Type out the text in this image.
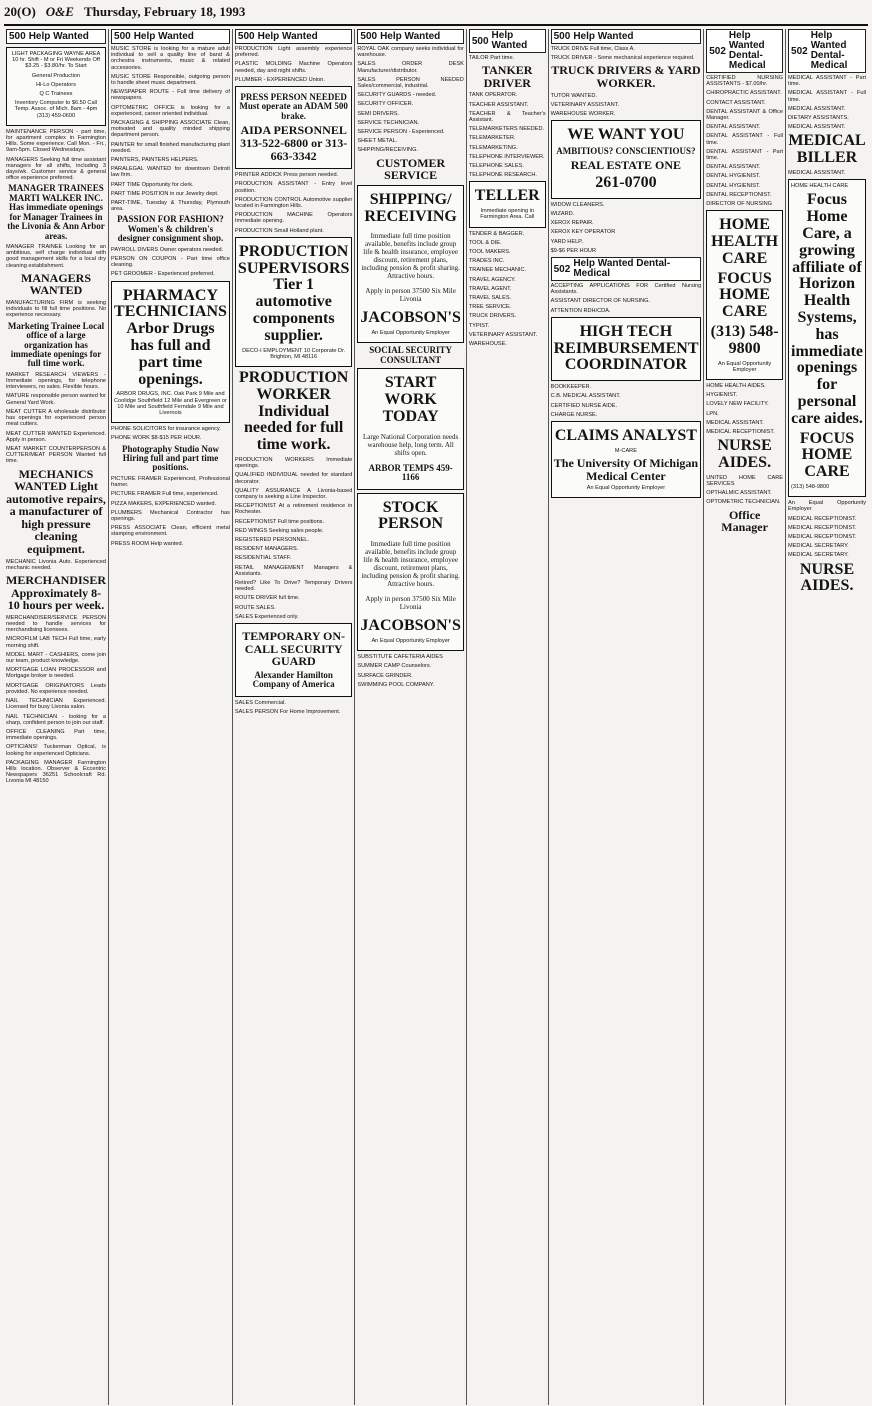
20(O) O&E Thursday, February 18, 1993
500 Help Wanted

LIGHT PACKAGING WAYNE AREA 10 hr. Shift - M or Fri Weekends Off $3.25 - $3.80/hr. To Start

General Production

Hi-Lo Operators

Q C Trainees

Inventory Computer to $6.50 Call Temp. Assoc. of Mich. 8am - 4pm (313) 459-0600

MAINTENANCE PERSON - part time, for apartment complex in Farmington Hills. Some experience. Call Mon. - Fri., 9am-5pm. Closed Wednesdays.

MANAGERS Seeking full time assistant managers for all shifts, including 3 days/wk. Customer service & general office experience preferred.

MANAGER TRAINEES MARTI WALKER INC. Has immediate openings for Manager Trainees in the Livonia & Ann Arbor areas.

MANAGER TRAINEE Looking for an ambitious, self charge individual with good management skills for a local dry cleaning establishment.

MANAGERS WANTED

MANUFACTURING FIRM is seeking individuals to fill full time positions. No experience necessary.

Marketing Trainee Local office of a large organization has immediate openings for full time work.

MARKET RESEARCH VIEWERS - Immediate openings, for telephone interviewers, no sales. Flexible hours.

MATURE responsible person wanted for General Yard Work.

MEAT CUTTER A wholesale distributor has openings for experienced person meat cutters.

MEAT CUTTER WANTED Experienced. Apply in person.

MEAT MARKET COUNTERPERSON & CUTTER/MEAT PERSON Wanted full time.

MECHANICS WANTED Light automotive repairs, a manufacturer of high pressure cleaning equipment.

MECHANIC Livonia Auto. Experienced mechanic needed.

MERCHANDISER Approximately 8-10 hours per week.

MERCHANDISER/SERVICE PERSON needed to handle services for merchandising licensees.

MICROFILM LAB TECH Full time, early morning shift.

MODEL MART - CASHIERS, come join our team, product knowledge.

MORTGAGE LOAN PROCESSOR and Mortgage broker is needed.

MORTGAGE ORIGINATORS Leads provided. No experience needed.

NAIL TECHNICIAN Experienced. Licensed for busy Livonia salon.

NAIL TECHNICIAN - looking for a sharp, confident person to join our staff.

OFFICE CLEANING Part time, immediate openings.

OPTICIANS! Tuckerman Optical, is looking for experienced Opticians.

PACKAGING MANAGER Farmington Hills location. Observer & Eccentric Newspapers 36251 Schoolcraft Rd. Livonia MI 48150

500 Help Wanted

MUSIC STORE is looking for a mature adult individual to sell a quality line of band & orchestra instruments, music & related accessories.

MUSIC STORE Responsible, outgoing person to handle sheet music department.

NEWSPAPER ROUTE - Full time delivery of newspapers.

OPTOMETRIC OFFICE is looking for a experienced, career oriented individual.

PACKAGING & SHIPPING ASSOCIATE Clean, motivated and quality minded shipping department person.

PAINTER for small finished manufacturing plant needed.

PAINTERS, PAINTERS HELPERS.

PARALEGAL WANTED for downtown Detroit law firm.

PART TIME Opportunity for clerk.

PART TIME POSITION in our Jewelry dept.

PART-TIME, Tuesday & Thursday, Plymouth area.

PASSION FOR FASHION? Women's & children's designer consignment shop.

PAYROLL DIVERS Owner operators needed.

PERSON ON COUPON - Part time office cleaning.

PET GROOMER - Experienced preferred.

PHARMACY TECHNICIANS Arbor Drugs has full and part time openings.

ARBOR DRUGS, INC. Oak Park 9 Mile and Coolidge Southfield 12 Mile and Evergreen or 10 Mile and Southfield Ferndale 9 Mile and Livernois

PHONE SOLICITORS for insurance agency.

PHONE WORK $8-$15 PER HOUR.

Photography Studio Now Hiring full and part time positions.

PICTURE FRAMER Experienced, Professional framer.

PICTURE FRAMER Full time, experienced.

PIZZA MAKERS, EXPERIENCED wanted.

PLUMBERS Mechanical Contractor has openings.

PRESS ASSOCIATE Clean, efficient metal stamping environment.

PRESS ROOM Help wanted.

500 Help Wanted

PRODUCTION Light assembly experience preferred.

PLASTIC MOLDING Machine Operators needed, day and night shifts.

PLUMBER - EXPERIENCED Union.

PRESS PERSON NEEDED Must operate an ADAM 500 brake.
AIDA PERSONNEL 313-522-6800 or 313-663-3342

PRINTER ADDICK Press person needed.

PRODUCTION ASSISTANT - Entry level position.

PRODUCTION CONTROL Automotive supplier located in Farmington Hills.

PRODUCTION MACHINE Operators Immediate opening.

PRODUCTION Small Holland plant.

PRODUCTION SUPERVISORS Tier 1 automotive components supplier.

DECO-I EMPLOYMENT 10 Corporate Dr. Brighton, MI 48116

PRODUCTION WORKER Individual needed for full time work.

PRODUCTION WORKERS Immediate openings.

QUALIFIED INDIVIDUAL needed for standard decorator.

QUALITY ASSURANCE A Livonia-based company is seeking a Line Inspector.

RECEPTIONIST At a retirement residence in Rochester.

RECEPTIONIST Full time positions.

RED WINGS Seeking sales people.

REGISTERED PERSONNEL.

RESIDENT MANAGERS.

RESIDENTIAL STAFF.

RETAIL MANAGEMENT Managers & Assistants.

Retired? Like To Drive? Temporary Drivers needed.

ROUTE DRIVER full time.

ROUTE SALES.

SALES Experienced only.

TEMPORARY ON-CALL SECURITY GUARD
Alexander Hamilton Company of America

SALES Commercial.

SALES PERSON For Home Improvement.

500 Help Wanted

ROYAL OAK company seeks individual for warehouse.

SALES ORDER DESK Manufacturer/distributor.

SALES PERSON NEEDED Sales/commercial, industrial.

SECURITY GUARDS - needed.

SECURITY OFFICER.

SEMI DRIVERS.

SERVICE TECHNICIAN.

SERVICE PERSON - Experienced.

SHEET METAL.

SHIPPING/RECEIVING.

CUSTOMER SERVICE
SHIPPING/ RECEIVING

Immediate full time position available, benefits include group life & health insurance, employee discount, retirement plans, including pension & profit sharing. Attractive hours.

Apply in person 37500 Six Mile Livonia

JACOBSON'S

An Equal Opportunity Employer

SOCIAL SECURITY CONSULTANT
START WORK TODAY

Large National Corporation needs warehouse help, long term. All shifts open.

ARBOR TEMPS 459-1166
STOCK PERSON

Immediate full time position available, benefits include group life & health insurance, employee discount, retirement plans, including pension & profit sharing. Attractive hours.

Apply in person 37500 Six Mile Livonia

JACOBSON'S

An Equal Opportunity Employer

SUBSTITUTE CAFETERIA AIDES

SUMMER CAMP Counselors.

SURFACE GRINDER.

SWIMMING POOL COMPANY.

500 Help Wanted

TAILOR Part time.

TANKER DRIVER

TANK OPERATOR.

TEACHER ASSISTANT.

TEACHER & Teacher's Assistant.

TELEMARKETERS NEEDED.

TELEMARKETER.

TELEMARKETING.

TELEPHONE INTERVIEWER.

TELEPHONE SALES.

TELEPHONE RESEARCH.

TELLER

Immediate opening in Farmington Area. Call

TENDER & BAGGER.

TOOL & DIE.

TOOL MAKERS.

TRADES INC.

TRAINEE MECHANIC.

TRAVEL AGENCY.

TRAVEL AGENT.

TRAVEL SALES.

TREE SERVICE.

TRUCK DRIVERS.

TYPIST.

VETERINARY ASSISTANT.

WAREHOUSE.

500 Help Wanted

TRUCK DRIVE Full time, Class A.

TRUCK DRIVER - Some mechanical experience required.

TRUCK DRIVERS & YARD WORKER.

TUTOR WANTED.

VETERINARY ASSISTANT.

WAREHOUSE WORKER.

WE WANT YOU
AMBITIOUS? CONSCIENTIOUS?
REAL ESTATE ONE
261-0700

WIDOW CLEANERS.

WIZARD.

XEROX REPAIR.

XEROX KEY OPERATOR

YARD HELP.

$9-$6 PER HOUR

502 Help Wanted Dental-Medical

ACCEPTING APPLICATIONS FOR Certified Nursing Assistants.

ASSISTANT DIRECTOR OF NURSING.

ATTENTION RDH/CDA.

HIGH TECH REIMBURSEMENT COORDINATOR

BOOKKEEPER.

C.B. MEDICAL ASSISTANT.

CERTIFIED NURSE AIDE.

CHARGE NURSE.

CLAIMS ANALYST

M-CARE

The University Of Michigan Medical Center

An Equal Opportunity Employer

502
Help Wanted Dental-Medical

CERTIFIED NURSING ASSISTANTS - $7.00/hr.

CHIROPRACTIC ASSISTANT.

CONTACT ASSISTANT.

DENTAL ASSISTANT & Office Manager.

DENTAL ASSISTANT.

DENTAL ASSISTANT - Full time.

DENTAL ASSISTANT - Part time.

DENTAL ASSISTANT.

DENTAL HYGIENIST.

DENTAL HYGIENIST.

DENTAL RECEPTIONIST.

DIRECTOR OF NURSING

HOME HEALTH CARE
FOCUS HOME CARE
(313) 548-9800

An Equal Opportunity Employer

HOME HEALTH AIDES.

HYGIENIST.

LOVELY NEW FACILITY.

LPN.

MEDICAL ASSISTANT.

MEDICAL RECEPTIONIST.

NURSE AIDES.

UNITED HOME CARE SERVICES

OPTHALMIC ASSISTANT.

OPTOMETRIC TECHNICIAN.

Office Manager
502
Help Wanted Dental-Medical

MEDICAL ASSISTANT - Part time.

MEDICAL ASSISTANT - Full time.

MEDICAL ASSISTANT.

DIETARY ASSISTANTS.

MEDICAL ASSISTANT.

MEDICAL BILLER

MEDICAL ASSISTANT.

HOME HEALTH CARE

Focus Home Care, a growing affiliate of Horizon Health Systems, has immediate openings for personal care aides.
FOCUS HOME CARE

(313) 548-9800

An Equal Opportunity Employer

MEDICAL RECEPTIONIST.

MEDICAL RECEPTIONIST.

MEDICAL RECEPTIONIST.

MEDICAL SECRETARY.

MEDICAL SECRETARY.

NURSE AIDES.
